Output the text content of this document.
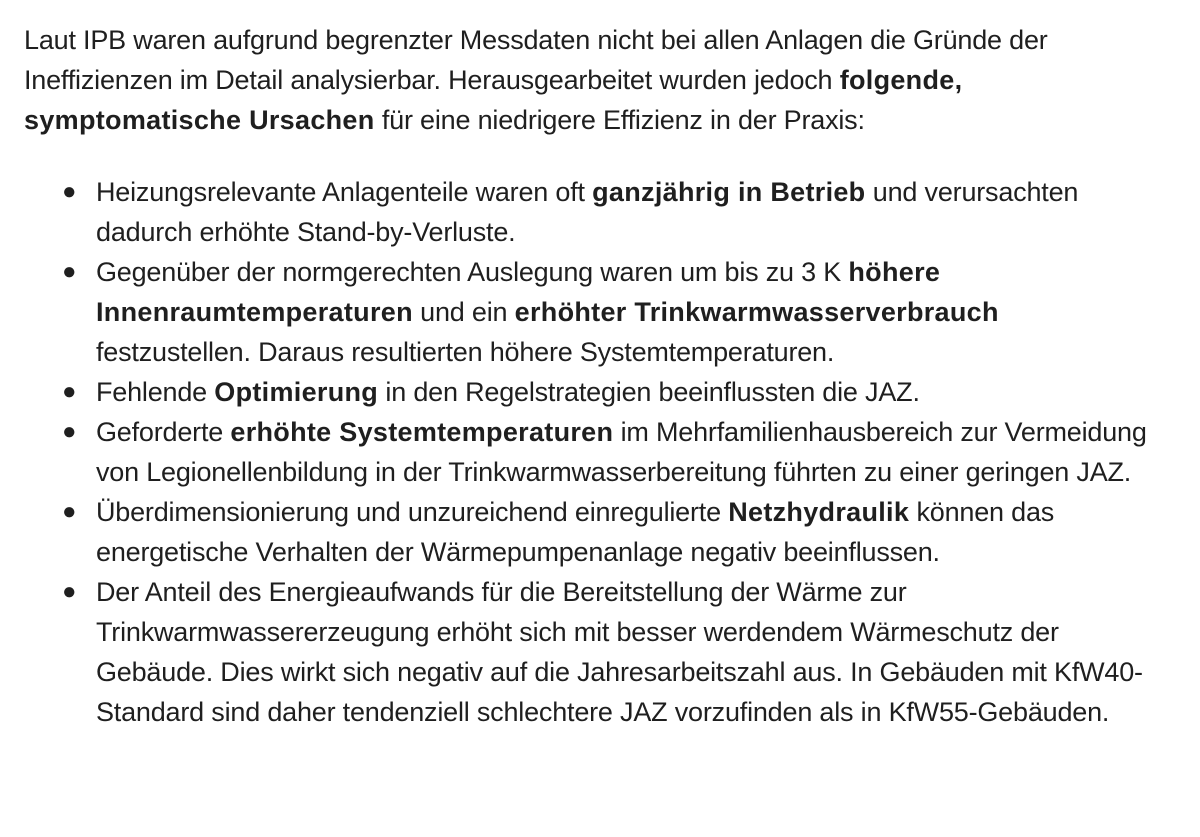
Laut IPB waren aufgrund begrenzter Messdaten nicht bei allen Anlagen die Gründe der Ineffizienzen im Detail analysierbar. Herausgearbeitet wurden jedoch folgende, symptomatische Ursachen für eine niedrigere Effizienz in der Praxis:

● Heizungsrelevante Anlagenteile waren oft ganzjährig in Betrieb und verursachten dadurch erhöhte Stand-by-Verluste.
● Gegenüber der normgerechten Auslegung waren um bis zu 3 K höhere Innenraumtemperaturen und ein erhöhter Trinkwarmwasserverbrauch festzustellen. Daraus resultierten höhere Systemtemperaturen.
● Fehlende Optimierung in den Regelstrategien beeinflussten die JAZ.
● Geforderte erhöhte Systemtemperaturen im Mehrfamilienhausbereich zur Vermeidung von Legionellenbildung in der Trinkwarmwasserbereitung führten zu einer geringen JAZ.
● Überdimensionierung und unzureichend einregulierte Netzhydraulik können das energetische Verhalten der Wärmepumpenanlage negativ beeinflussen.
● Der Anteil des Energieaufwands für die Bereitstellung der Wärme zur Trinkwarmwassererzeugung erhöht sich mit besser werdendem Wärmeschutz der Gebäude. Dies wirkt sich negativ auf die Jahresarbeitszahl aus. In Gebäuden mit KfW40-Standard sind daher tendenziell schlechtere JAZ vorzufinden als in KfW55-Gebäuden.
